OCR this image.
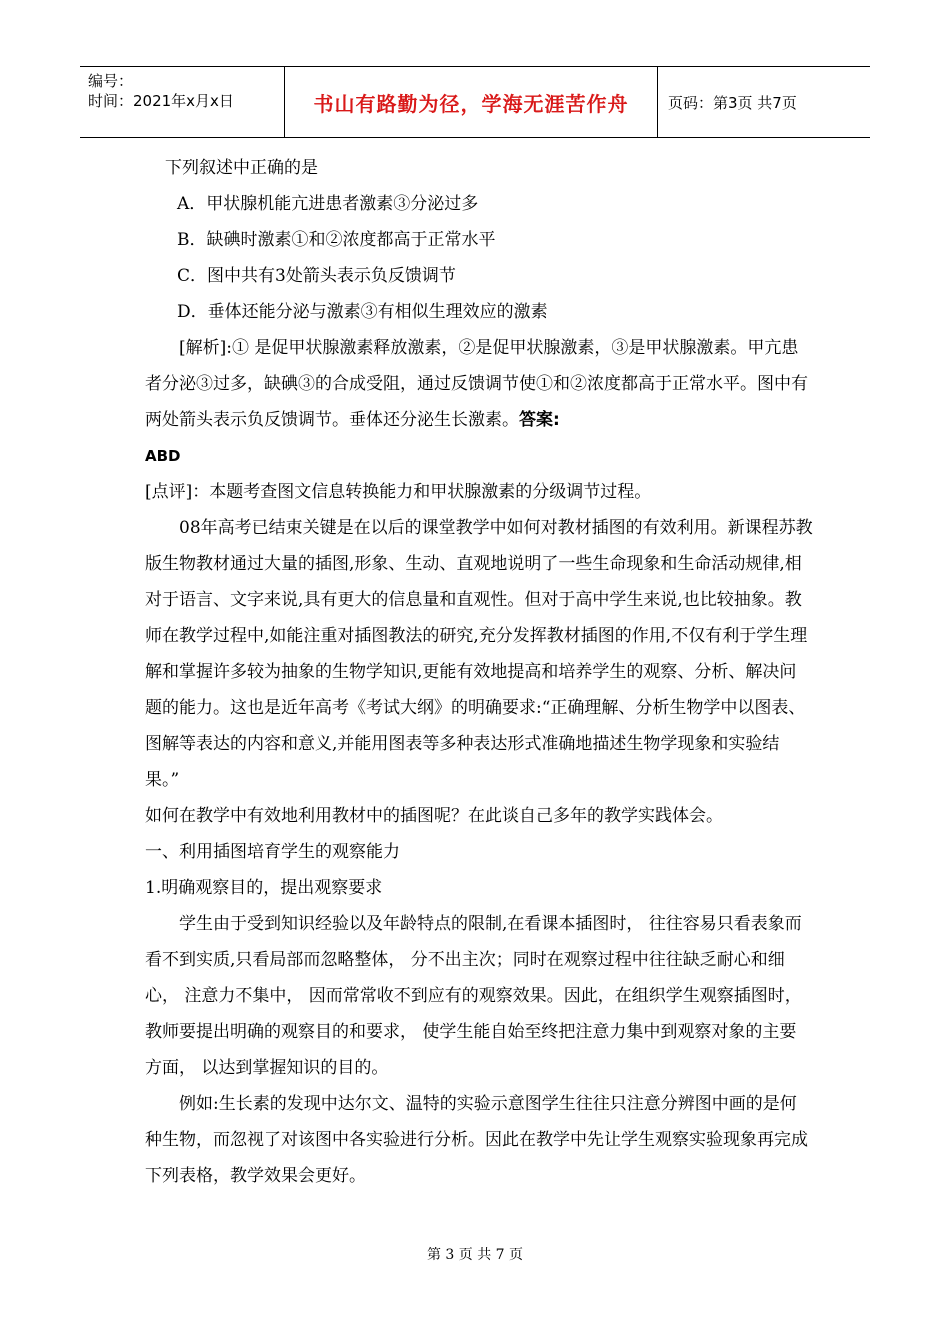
编号：
时间：2021年x月x日	书山有路勤为径，学海无涯苦作舟	页码：第3页 共7页

下列叙述中正确的是

A．甲状腺机能亢进患者激素③分泌过多

B．缺碘时激素①和②浓度都高于正常水平

C．图中共有3处箭头表示负反馈调节

D．垂体还能分泌与激素③有相似生理效应的激素

[解析]:① 是促甲状腺激素释放激素，②是促甲状腺激素，③是甲状腺激素。甲亢患者分泌③过多，缺碘③的合成受阻，通过反馈调节使①和②浓度都高于正常水平。图中有两处箭头表示负反馈调节。垂体还分泌生长激素。答案:
ABD

[点评]：本题考查图文信息转换能力和甲状腺激素的分级调节过程。

08年高考已结束关键是在以后的课堂教学中如何对教材插图的有效利用。新课程苏教版生物教材通过大量的插图,形象、生动、直观地说明了一些生命现象和生命活动规律,相对于语言、文字来说,具有更大的信息量和直观性。但对于高中学生来说,也比较抽象。教师在教学过程中,如能注重对插图教法的研究,充分发挥教材插图的作用,不仅有利于学生理解和掌握许多较为抽象的生物学知识,更能有效地提高和培养学生的观察、分析、解决问题的能力。这也是近年高考《考试大纲》的明确要求:“正确理解、分析生物学中以图表、图解等表达的内容和意义,并能用图表等多种表达形式准确地描述生物学现象和实验结果。”

如何在教学中有效地利用教材中的插图呢？在此谈自己多年的教学实践体会。

一、利用插图培育学生的观察能力

1.明确观察目的，提出观察要求

学生由于受到知识经验以及年龄特点的限制,在看课本插图时， 往往容易只看表象而看不到实质,只看局部而忽略整体， 分不出主次；同时在观察过程中往往缺乏耐心和细心， 注意力不集中， 因而常常收不到应有的观察效果。因此，在组织学生观察插图时， 教师要提出明确的观察目的和要求， 使学生能自始至终把注意力集中到观察对象的主要方面， 以达到掌握知识的目的。

例如:生长素的发现中达尔文、温特的实验示意图学生往往只注意分辨图中画的是何种生物，而忽视了对该图中各实验进行分析。因此在教学中先让学生观察实验现象再完成下列表格，教学效果会更好。

第 3 页 共 7 页
